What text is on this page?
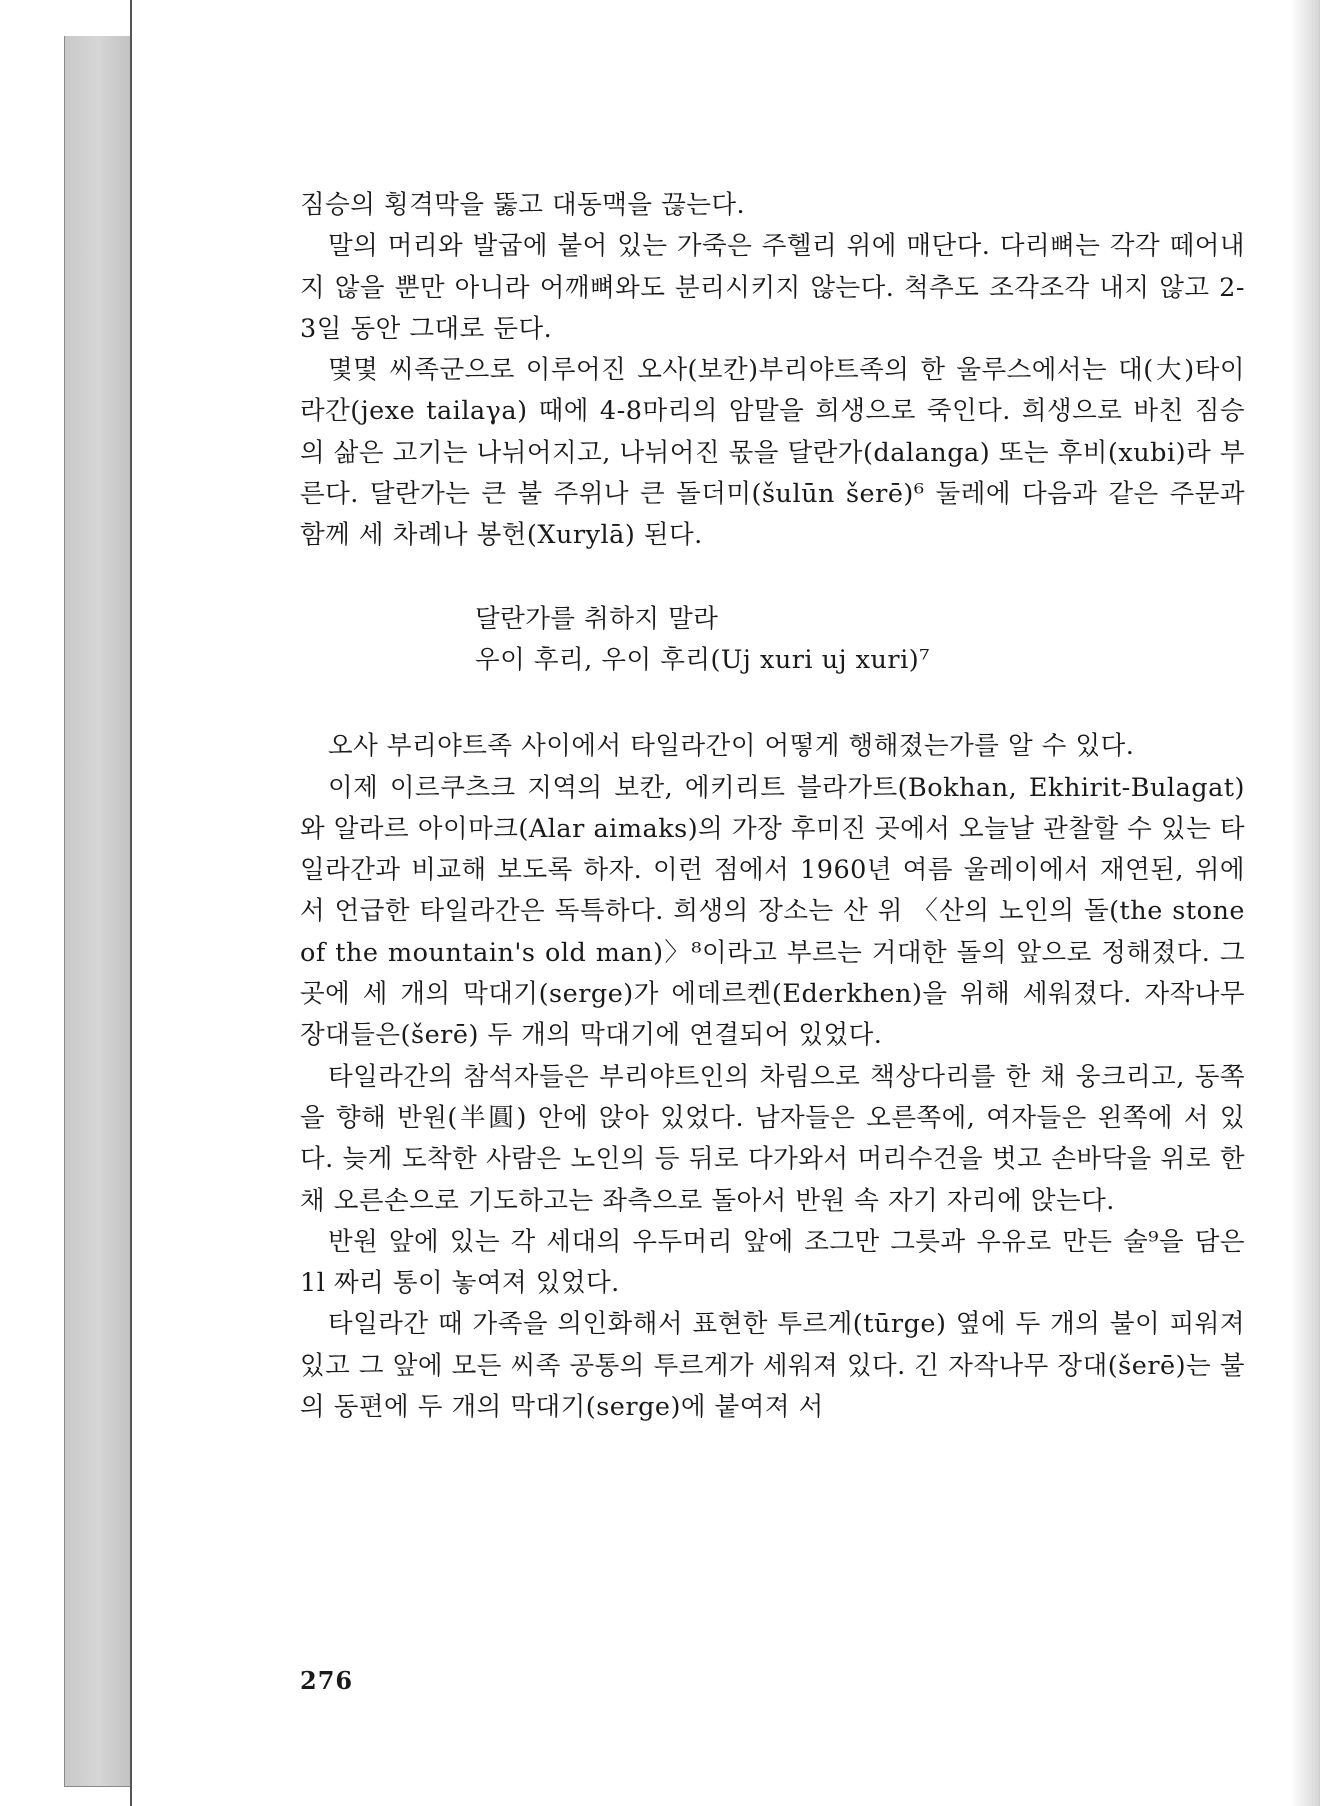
짐승의 횡격막을 뚫고 대동맥을 끊는다.

말의 머리와 발굽에 붙어 있는 가죽은 주헬리 위에 매단다. 다리뼈는 각각 떼어내지 않을 뿐만 아니라 어깨뼈와도 분리시키지 않는다. 척추도 조각조각 내지 않고 2-3일 동안 그대로 둔다.

몇몇 씨족군으로 이루어진 오사(보칸)부리야트족의 한 울루스에서는 대(大)타이라간(jexe tailaγa) 때에 4-8마리의 암말을 희생으로 죽인다. 희생으로 바친 짐승의 삶은 고기는 나뉘어지고, 나뉘어진 몫을 달란가(dalanga) 또는 후비(xubi)라 부른다. 달란가는 큰 불 주위나 큰 돌더미(šulūn šerē)⁶ 둘레에 다음과 같은 주문과 함께 세 차례나 봉헌(Xurylā) 된다.

달란가를 취하지 말라
우이 후리, 우이 후리(Uj xuri uj xuri)⁷

오사 부리야트족 사이에서 타일라간이 어떻게 행해졌는가를 알 수 있다.

이제 이르쿠츠크 지역의 보칸, 에키리트 블라가트(Bokhan, Ekhirit-Bulagat)와 알라르 아이마크(Alar aimaks)의 가장 후미진 곳에서 오늘날 관찰할 수 있는 타일라간과 비교해 보도록 하자. 이런 점에서 1960년 여름 울레이에서 재연된, 위에서 언급한 타일라간은 독특하다. 희생의 장소는 산 위 〈산의 노인의 돌(the stone of the mountain's old man)〉⁸이라고 부르는 거대한 돌의 앞으로 정해졌다. 그곳에 세 개의 막대기(serge)가 에데르켄(Ederkhen)을 위해 세워졌다. 자작나무 장대들은(šerē) 두 개의 막대기에 연결되어 있었다.

타일라간의 참석자들은 부리야트인의 차림으로 책상다리를 한 채 웅크리고, 동쪽을 향해 반원(半圓) 안에 앉아 있었다. 남자들은 오른쪽에, 여자들은 왼쪽에 서 있다. 늦게 도착한 사람은 노인의 등 뒤로 다가와서 머리수건을 벗고 손바닥을 위로 한 채 오른손으로 기도하고는 좌측으로 돌아서 반원 속 자기 자리에 앉는다.

반원 앞에 있는 각 세대의 우두머리 앞에 조그만 그릇과 우유로 만든 술⁹을 담은 1l 짜리 통이 놓여져 있었다.

타일라간 때 가족을 의인화해서 표현한 투르게(tūrge) 옆에 두 개의 불이 피워져 있고 그 앞에 모든 씨족 공통의 투르게가 세워져 있다. 긴 자작나무 장대(šerē)는 불의 동편에 두 개의 막대기(serge)에 붙여져 서

276
